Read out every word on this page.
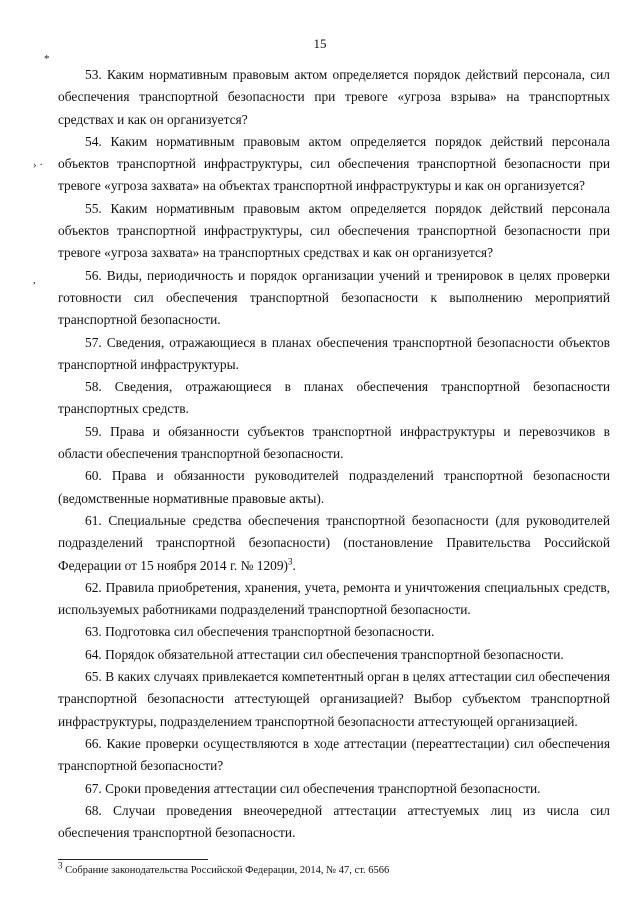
15
*
› ·
,

53. Каким нормативным правовым актом определяется порядок действий персонала, сил обеспечения транспортной безопасности при тревоге «угроза взрыва» на транспортных средствах и как он организуется?

54. Каким нормативным правовым актом определяется порядок действий персонала объектов транспортной инфраструктуры, сил обеспечения транспортной безопасности при тревоге «угроза захвата» на объектах транспортной инфраструктуры и как он организуется?

55. Каким нормативным правовым актом определяется порядок действий персонала объектов транспортной инфраструктуры, сил обеспечения транспортной безопасности при тревоге «угроза захвата» на транспортных средствах и как он организуется?

56. Виды, периодичность и порядок организации учений и тренировок в целях проверки готовности сил обеспечения транспортной безопасности к выполнению мероприятий транспортной безопасности.

57. Сведения, отражающиеся в планах обеспечения транспортной безопасности объектов транспортной инфраструктуры.

58. Сведения, отражающиеся в планах обеспечения транспортной безопасности транспортных средств.

59. Права и обязанности субъектов транспортной инфраструктуры и перевозчиков в области обеспечения транспортной безопасности.

60. Права и обязанности руководителей подразделений транспортной безопасности (ведомственные нормативные правовые акты).

61. Специальные средства обеспечения транспортной безопасности (для руководителей подразделений транспортной безопасности) (постановление Правительства Российской Федерации от 15 ноября 2014 г. № 1209)$^3$.

62. Правила приобретения, хранения, учета, ремонта и уничтожения специальных средств, используемых работниками подразделений транспортной безопасности.

63. Подготовка сил обеспечения транспортной безопасности.

64. Порядок обязательной аттестации сил обеспечения транспортной безопасности.

65. В каких случаях привлекается компетентный орган в целях аттестации сил обеспечения транспортной безопасности аттестующей организацией? Выбор субъектом транспортной инфраструктуры, подразделением транспортной безопасности аттестующей организацией.

66. Какие проверки осуществляются в ходе аттестации (переаттестации) сил обеспечения транспортной безопасности?

67. Сроки проведения аттестации сил обеспечения транспортной безопасности.

68. Случаи проведения внеочередной аттестации аттестуемых лиц из числа сил обеспечения транспортной безопасности.

$^3$ Собрание законодательства Российской Федерации, 2014, № 47, ст. 6566
